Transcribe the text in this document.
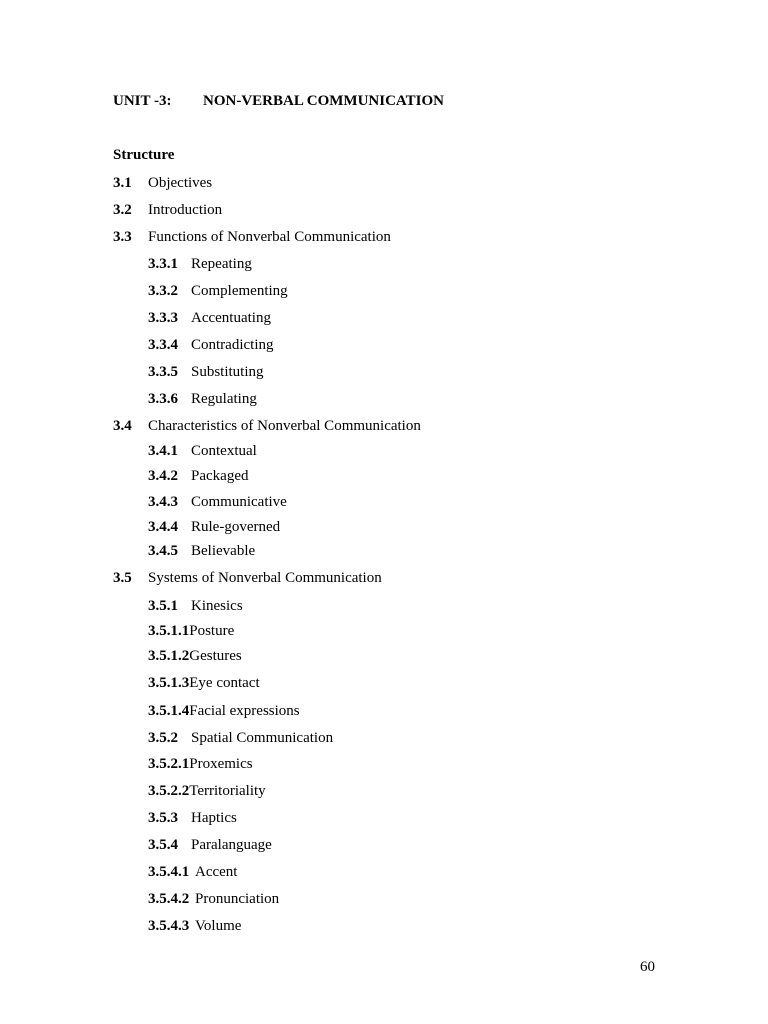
UNIT -3: NON-VERBAL COMMUNICATION
Structure
3.1 Objectives
3.2 Introduction
3.3 Functions of Nonverbal Communication
3.3.1 Repeating
3.3.2 Complementing
3.3.3 Accentuating
3.3.4 Contradicting
3.3.5 Substituting
3.3.6 Regulating
3.4 Characteristics of Nonverbal Communication
3.4.1 Contextual
3.4.2 Packaged
3.4.3 Communicative
3.4.4 Rule-governed
3.4.5 Believable
3.5 Systems of Nonverbal Communication
3.5.1 Kinesics
3.5.1.1Posture
3.5.1.2Gestures
3.5.1.3Eye contact
3.5.1.4Facial expressions
3.5.2 Spatial Communication
3.5.2.1Proxemics
3.5.2.2Territoriality
3.5.3 Haptics
3.5.4 Paralanguage
3.5.4.1 Accent
3.5.4.2 Pronunciation
3.5.4.3 Volume
60
